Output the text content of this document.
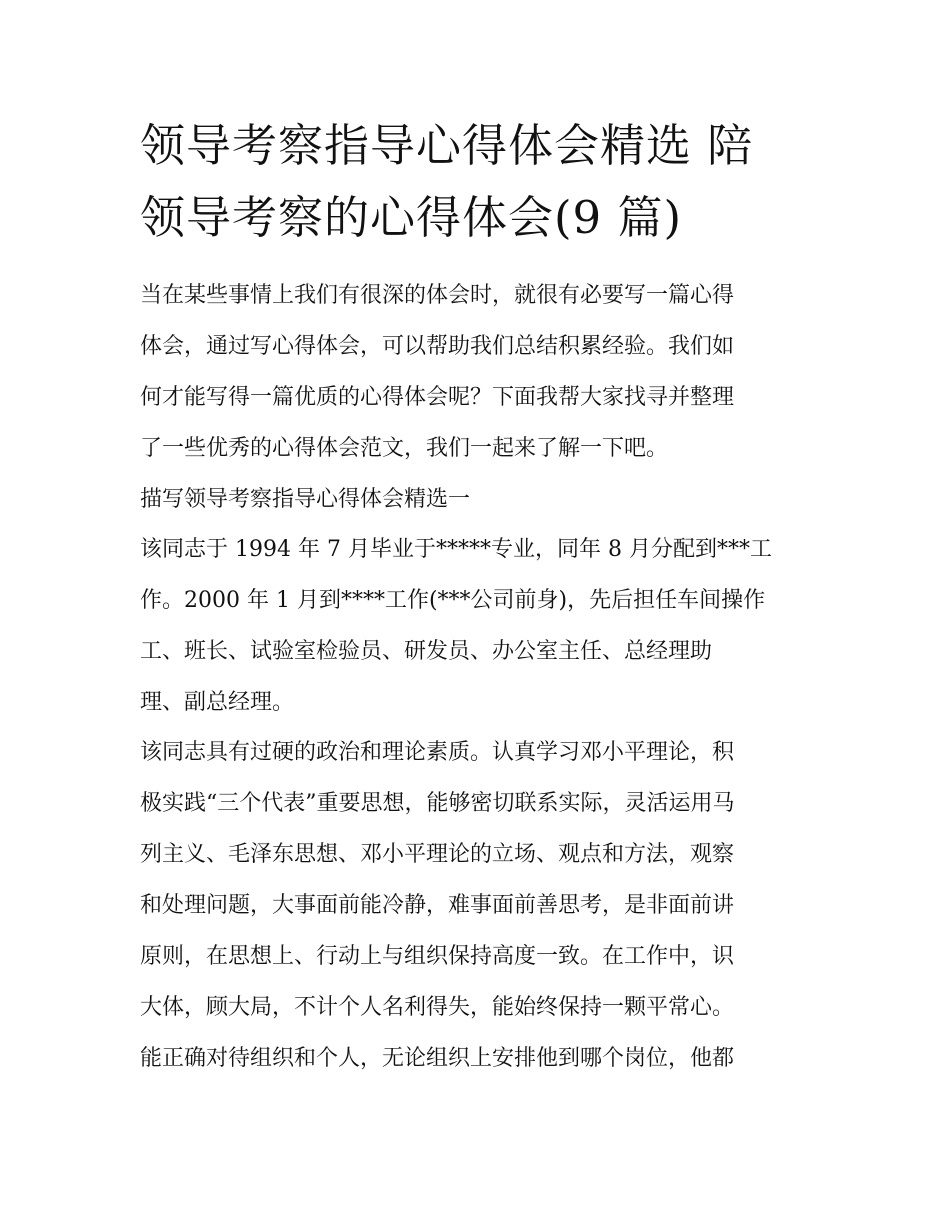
领导考察指导心得体会精选 陪
领导考察的心得体会(9 篇)
当在某些事情上我们有很深的体会时，就很有必要写一篇心得
体会，通过写心得体会，可以帮助我们总结积累经验。我们如
何才能写得一篇优质的心得体会呢？下面我帮大家找寻并整理
了一些优秀的心得体会范文，我们一起来了解一下吧。
描写领导考察指导心得体会精选一
该同志于 1994 年 7 月毕业于*****专业，同年 8 月分配到***工
作。2000 年 1 月到****工作(***公司前身)，先后担任车间操作
工、班长、试验室检验员、研发员、办公室主任、总经理助
理、副总经理。
该同志具有过硬的政治和理论素质。认真学习邓小平理论，积
极实践“三个代表”重要思想，能够密切联系实际，灵活运用马
列主义、毛泽东思想、邓小平理论的立场、观点和方法，观察
和处理问题，大事面前能冷静，难事面前善思考，是非面前讲
原则，在思想上、行动上与组织保持高度一致。在工作中，识
大体，顾大局，不计个人名利得失，能始终保持一颗平常心。
能正确对待组织和个人，无论组织上安排他到哪个岗位，他都
